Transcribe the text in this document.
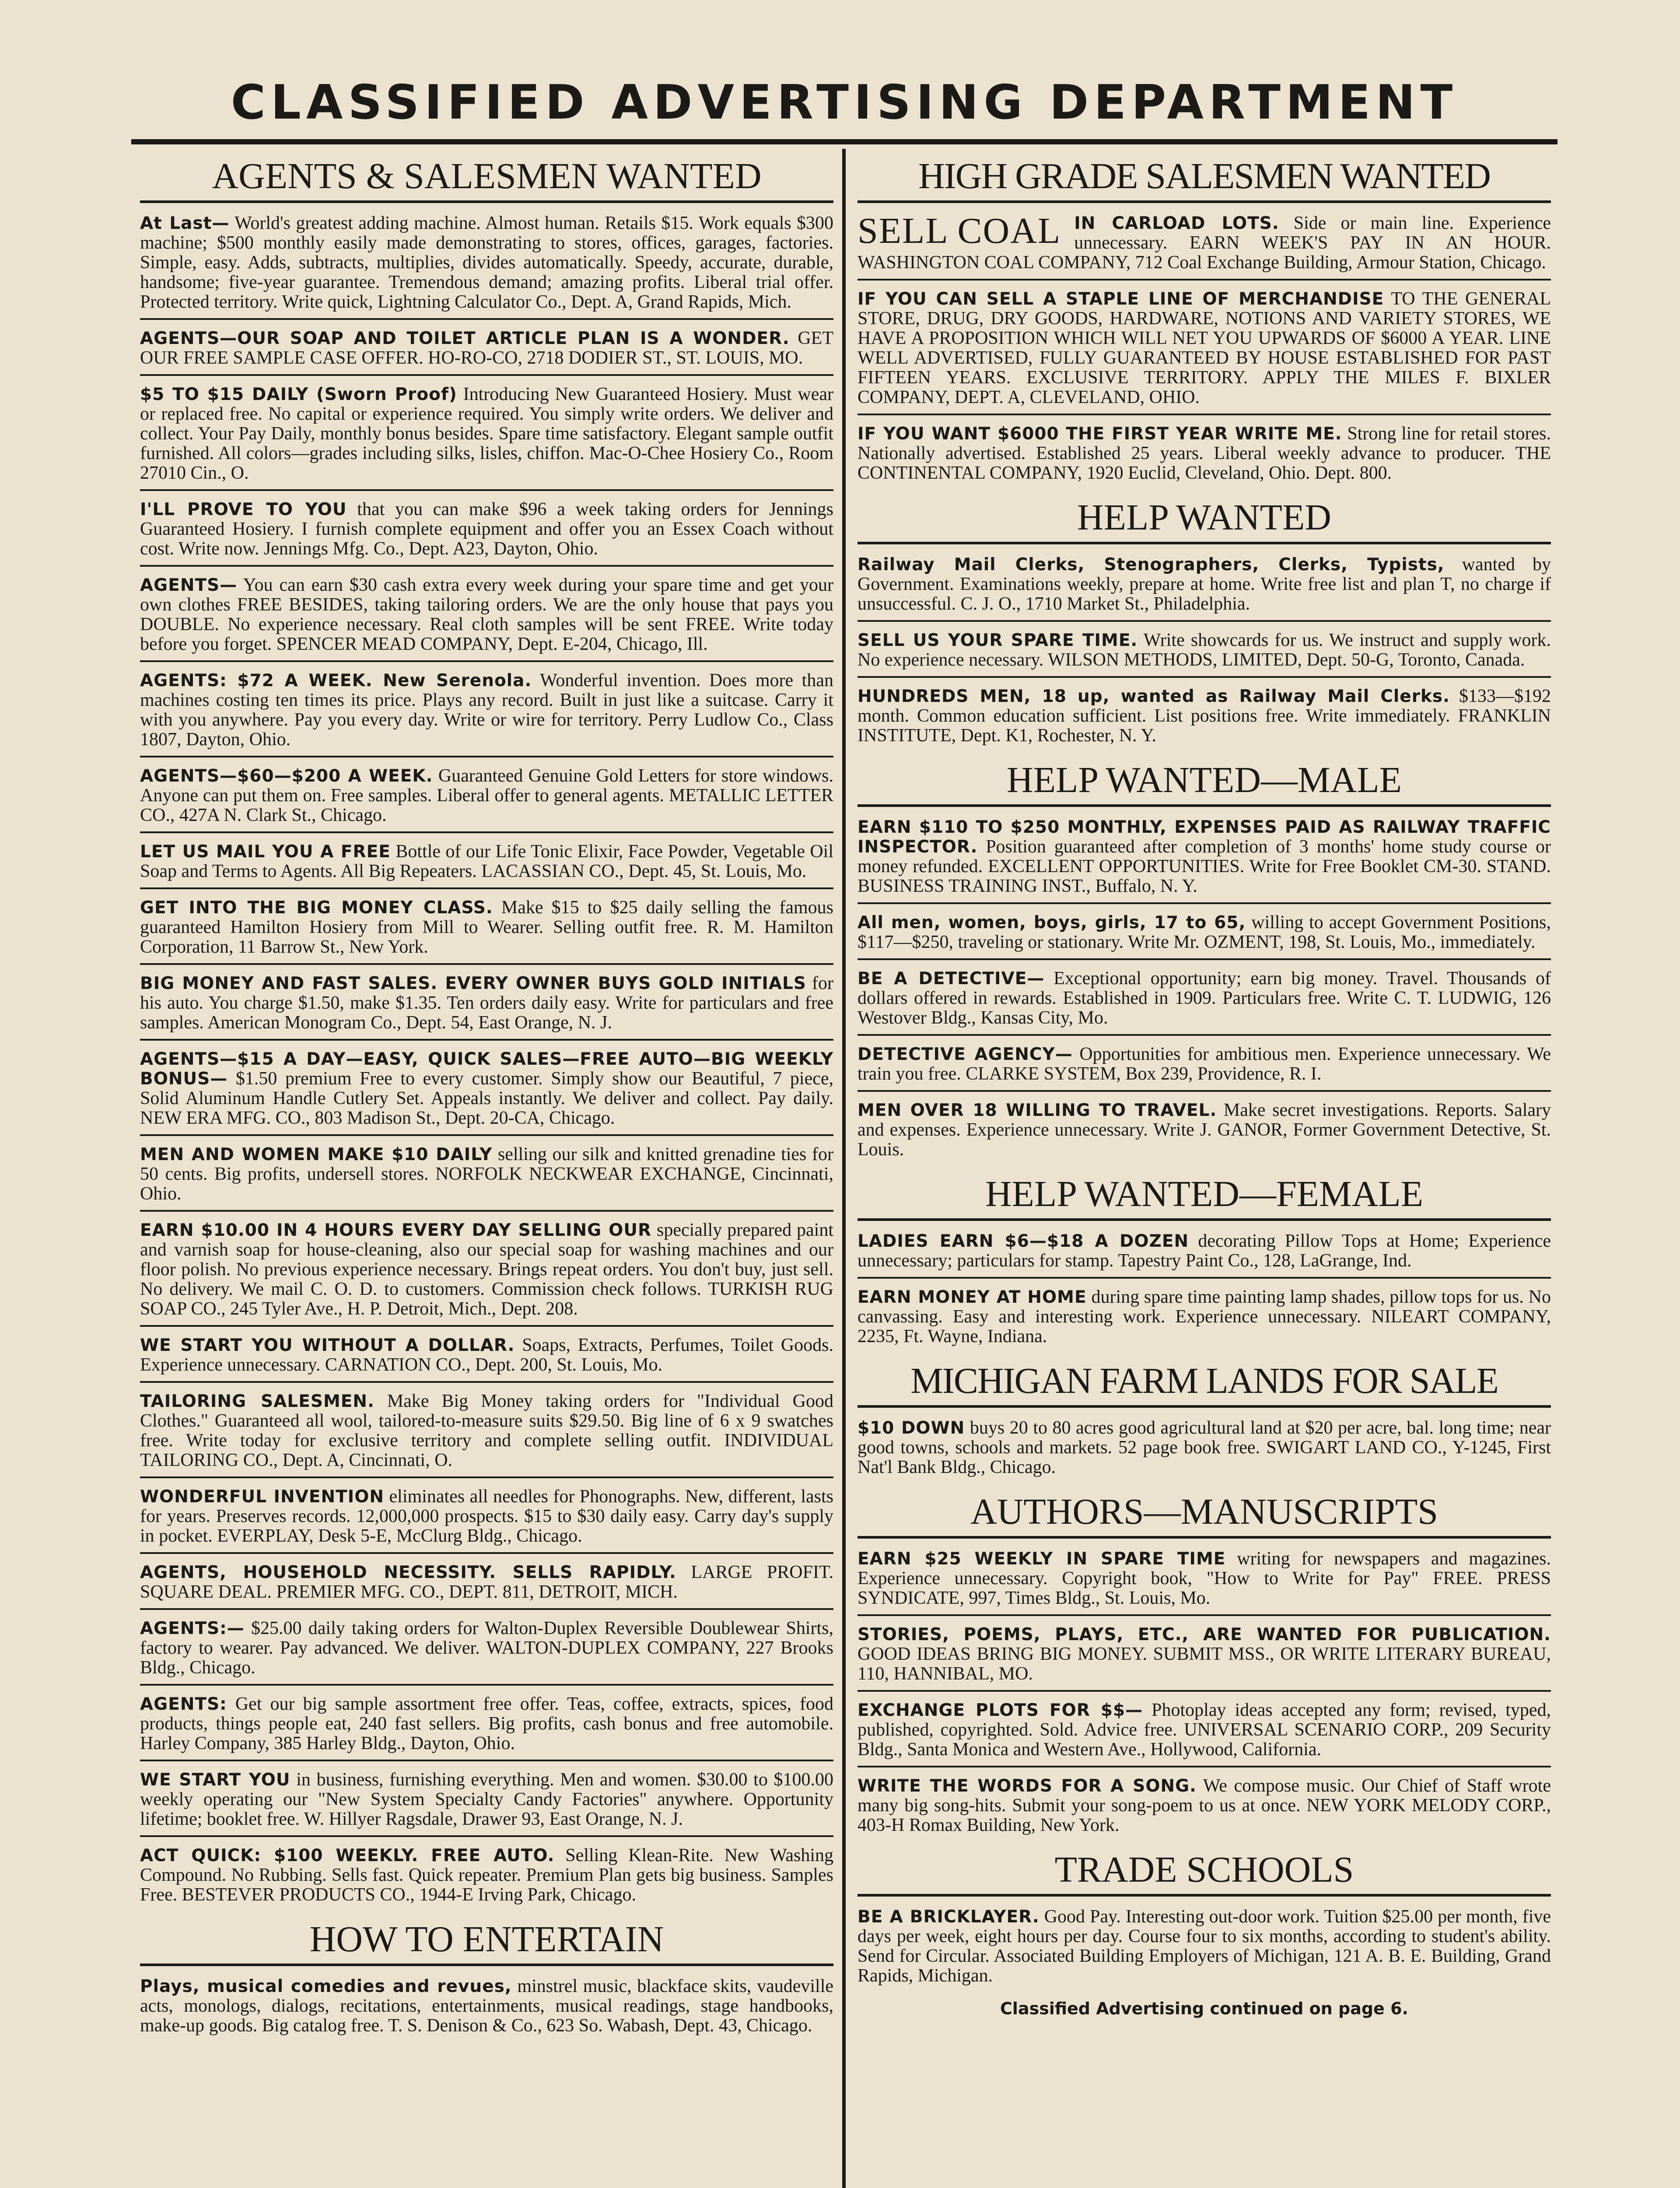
CLASSIFIED ADVERTISING DEPARTMENT
AGENTS & SALESMEN WANTED
At Last— World's greatest adding machine. Almost human. Retails $15. Work equals $300 machine; $500 monthly easily made demonstrating to stores, offices, garages, factories. Simple, easy. Adds, subtracts, multiplies, divides automatically. Speedy, accurate, durable, handsome; five-year guarantee. Tremendous demand; amazing profits. Liberal trial offer. Protected territory. Write quick, Lightning Calculator Co., Dept. A, Grand Rapids, Mich.
AGENTS—OUR SOAP AND TOILET ARTICLE PLAN IS A WONDER. GET OUR FREE SAMPLE CASE OFFER. HO-RO-CO, 2718 DODIER ST., ST. LOUIS, MO.
$5 TO $15 DAILY (Sworn Proof) Introducing New Guaranteed Hosiery. Must wear or replaced free. No capital or experience required. You simply write orders. We deliver and collect. Your Pay Daily, monthly bonus besides. Spare time satisfactory. Elegant sample outfit furnished. All colors—grades including silks, lisles, chiffon. Mac-O-Chee Hosiery Co., Room 27010 Cin., O.
I'LL PROVE TO YOU that you can make $96 a week taking orders for Jennings Guaranteed Hosiery. I furnish complete equipment and offer you an Essex Coach without cost. Write now. Jennings Mfg. Co., Dept. A23, Dayton, Ohio.
AGENTS— You can earn $30 cash extra every week during your spare time and get your own clothes FREE BESIDES, taking tailoring orders. We are the only house that pays you DOUBLE. No experience necessary. Real cloth samples will be sent FREE. Write today before you forget. SPENCER MEAD COMPANY, Dept. E-204, Chicago, Ill.
AGENTS: $72 A WEEK. New Serenola. Wonderful invention. Does more than machines costing ten times its price. Plays any record. Built in just like a suitcase. Carry it with you anywhere. Pay you every day. Write or wire for territory. Perry Ludlow Co., Class 1807, Dayton, Ohio.
AGENTS—$60—$200 A WEEK. Guaranteed Genuine Gold Letters for store windows. Anyone can put them on. Free samples. Liberal offer to general agents. METALLIC LETTER CO., 427A N. Clark St., Chicago.
LET US MAIL YOU A FREE Bottle of our Life Tonic Elixir, Face Powder, Vegetable Oil Soap and Terms to Agents. All Big Repeaters. LACASSIAN CO., Dept. 45, St. Louis, Mo.
GET INTO THE BIG MONEY CLASS. Make $15 to $25 daily selling the famous guaranteed Hamilton Hosiery from Mill to Wearer. Selling outfit free. R. M. Hamilton Corporation, 11 Barrow St., New York.
BIG MONEY AND FAST SALES. EVERY OWNER BUYS GOLD INITIALS for his auto. You charge $1.50, make $1.35. Ten orders daily easy. Write for particulars and free samples. American Monogram Co., Dept. 54, East Orange, N. J.
AGENTS—$15 A DAY—EASY, QUICK SALES—FREE AUTO—BIG WEEKLY BONUS— $1.50 premium Free to every customer. Simply show our Beautiful, 7 piece, Solid Aluminum Handle Cutlery Set. Appeals instantly. We deliver and collect. Pay daily. NEW ERA MFG. CO., 803 Madison St., Dept. 20-CA, Chicago.
MEN AND WOMEN MAKE $10 DAILY selling our silk and knitted grenadine ties for 50 cents. Big profits, undersell stores. NORFOLK NECKWEAR EXCHANGE, Cincinnati, Ohio.
EARN $10.00 IN 4 HOURS EVERY DAY SELLING OUR specially prepared paint and varnish soap for house-cleaning, also our special soap for washing machines and our floor polish. No previous experience necessary. Brings repeat orders. You don't buy, just sell. No delivery. We mail C. O. D. to customers. Commission check follows. TURKISH RUG SOAP CO., 245 Tyler Ave., H. P. Detroit, Mich., Dept. 208.
WE START YOU WITHOUT A DOLLAR. Soaps, Extracts, Perfumes, Toilet Goods. Experience unnecessary. CARNATION CO., Dept. 200, St. Louis, Mo.
TAILORING SALESMEN. Make Big Money taking orders for "Individual Good Clothes." Guaranteed all wool, tailored-to-measure suits $29.50. Big line of 6 x 9 swatches free. Write today for exclusive territory and complete selling outfit. INDIVIDUAL TAILORING CO., Dept. A, Cincinnati, O.
WONDERFUL INVENTION eliminates all needles for Phonographs. New, different, lasts for years. Preserves records. 12,000,000 prospects. $15 to $30 daily easy. Carry day's supply in pocket. EVERPLAY, Desk 5-E, McClurg Bldg., Chicago.
AGENTS, HOUSEHOLD NECESSITY. SELLS RAPIDLY. LARGE PROFIT. SQUARE DEAL. PREMIER MFG. CO., DEPT. 811, DETROIT, MICH.
AGENTS:— $25.00 daily taking orders for Walton-Duplex Reversible Doublewear Shirts, factory to wearer. Pay advanced. We deliver. WALTON-DUPLEX COMPANY, 227 Brooks Bldg., Chicago.
AGENTS: Get our big sample assortment free offer. Teas, coffee, extracts, spices, food products, things people eat, 240 fast sellers. Big profits, cash bonus and free automobile. Harley Company, 385 Harley Bldg., Dayton, Ohio.
WE START YOU in business, furnishing everything. Men and women. $30.00 to $100.00 weekly operating our "New System Specialty Candy Factories" anywhere. Opportunity lifetime; booklet free. W. Hillyer Ragsdale, Drawer 93, East Orange, N. J.
ACT QUICK: $100 WEEKLY. FREE AUTO. Selling Klean-Rite. New Washing Compound. No Rubbing. Sells fast. Quick repeater. Premium Plan gets big business. Samples Free. BESTEVER PRODUCTS CO., 1944-E Irving Park, Chicago.
HOW TO ENTERTAIN
Plays, musical comedies and revues, minstrel music, blackface skits, vaudeville acts, monologs, dialogs, recitations, entertainments, musical readings, stage handbooks, make-up goods. Big catalog free. T. S. Denison & Co., 623 So. Wabash, Dept. 43, Chicago.
HIGH GRADE SALESMEN WANTED
SELL COAL IN CARLOAD LOTS. Side or main line. Experience unnecessary. EARN WEEK'S PAY IN AN HOUR. WASHINGTON COAL COMPANY, 712 Coal Exchange Building, Armour Station, Chicago.
IF YOU CAN SELL A STAPLE LINE OF MERCHANDISE TO THE GENERAL STORE, DRUG, DRY GOODS, HARDWARE, NOTIONS AND VARIETY STORES, WE HAVE A PROPOSITION WHICH WILL NET YOU UPWARDS OF $6000 A YEAR. LINE WELL ADVERTISED, FULLY GUARANTEED BY HOUSE ESTABLISHED FOR PAST FIFTEEN YEARS. EXCLUSIVE TERRITORY. APPLY THE MILES F. BIXLER COMPANY, DEPT. A, CLEVELAND, OHIO.
IF YOU WANT $6000 THE FIRST YEAR WRITE ME. Strong line for retail stores. Nationally advertised. Established 25 years. Liberal weekly advance to producer. THE CONTINENTAL COMPANY, 1920 Euclid, Cleveland, Ohio. Dept. 800.
HELP WANTED
Railway Mail Clerks, Stenographers, Clerks, Typists, wanted by Government. Examinations weekly, prepare at home. Write free list and plan T, no charge if unsuccessful. C. J. O., 1710 Market St., Philadelphia.
SELL US YOUR SPARE TIME. Write showcards for us. We instruct and supply work. No experience necessary. WILSON METHODS, LIMITED, Dept. 50-G, Toronto, Canada.
HUNDREDS MEN, 18 up, wanted as Railway Mail Clerks. $133—$192 month. Common education sufficient. List positions free. Write immediately. FRANKLIN INSTITUTE, Dept. K1, Rochester, N. Y.
HELP WANTED—MALE
EARN $110 TO $250 MONTHLY, EXPENSES PAID AS RAILWAY TRAFFIC INSPECTOR. Position guaranteed after completion of 3 months' home study course or money refunded. EXCELLENT OPPORTUNITIES. Write for Free Booklet CM-30. STAND. BUSINESS TRAINING INST., Buffalo, N. Y.
All men, women, boys, girls, 17 to 65, willing to accept Government Positions, $117—$250, traveling or stationary. Write Mr. OZMENT, 198, St. Louis, Mo., immediately.
BE A DETECTIVE— Exceptional opportunity; earn big money. Travel. Thousands of dollars offered in rewards. Established in 1909. Particulars free. Write C. T. LUDWIG, 126 Westover Bldg., Kansas City, Mo.
DETECTIVE AGENCY— Opportunities for ambitious men. Experience unnecessary. We train you free. CLARKE SYSTEM, Box 239, Providence, R. I.
MEN OVER 18 WILLING TO TRAVEL. Make secret investigations. Reports. Salary and expenses. Experience unnecessary. Write J. GANOR, Former Government Detective, St. Louis.
HELP WANTED—FEMALE
LADIES EARN $6—$18 A DOZEN decorating Pillow Tops at Home; Experience unnecessary; particulars for stamp. Tapestry Paint Co., 128, LaGrange, Ind.
EARN MONEY AT HOME during spare time painting lamp shades, pillow tops for us. No canvassing. Easy and interesting work. Experience unnecessary. NILEART COMPANY, 2235, Ft. Wayne, Indiana.
MICHIGAN FARM LANDS FOR SALE
$10 DOWN buys 20 to 80 acres good agricultural land at $20 per acre, bal. long time; near good towns, schools and markets. 52 page book free. SWIGART LAND CO., Y-1245, First Nat'l Bank Bldg., Chicago.
AUTHORS—MANUSCRIPTS
EARN $25 WEEKLY IN SPARE TIME writing for newspapers and magazines. Experience unnecessary. Copyright book, "How to Write for Pay" FREE. PRESS SYNDICATE, 997, Times Bldg., St. Louis, Mo.
STORIES, POEMS, PLAYS, ETC., ARE WANTED FOR PUBLICATION. GOOD IDEAS BRING BIG MONEY. SUBMIT MSS., OR WRITE LITERARY BUREAU, 110, HANNIBAL, MO.
EXCHANGE PLOTS FOR $$— Photoplay ideas accepted any form; revised, typed, published, copyrighted. Sold. Advice free. UNIVERSAL SCENARIO CORP., 209 Security Bldg., Santa Monica and Western Ave., Hollywood, California.
WRITE THE WORDS FOR A SONG. We compose music. Our Chief of Staff wrote many big song-hits. Submit your song-poem to us at once. NEW YORK MELODY CORP., 403-H Romax Building, New York.
TRADE SCHOOLS
BE A BRICKLAYER. Good Pay. Interesting out-door work. Tuition $25.00 per month, five days per week, eight hours per day. Course four to six months, according to student's ability. Send for Circular. Associated Building Employers of Michigan, 121 A. B. E. Building, Grand Rapids, Michigan.
Classified Advertising continued on page 6.
